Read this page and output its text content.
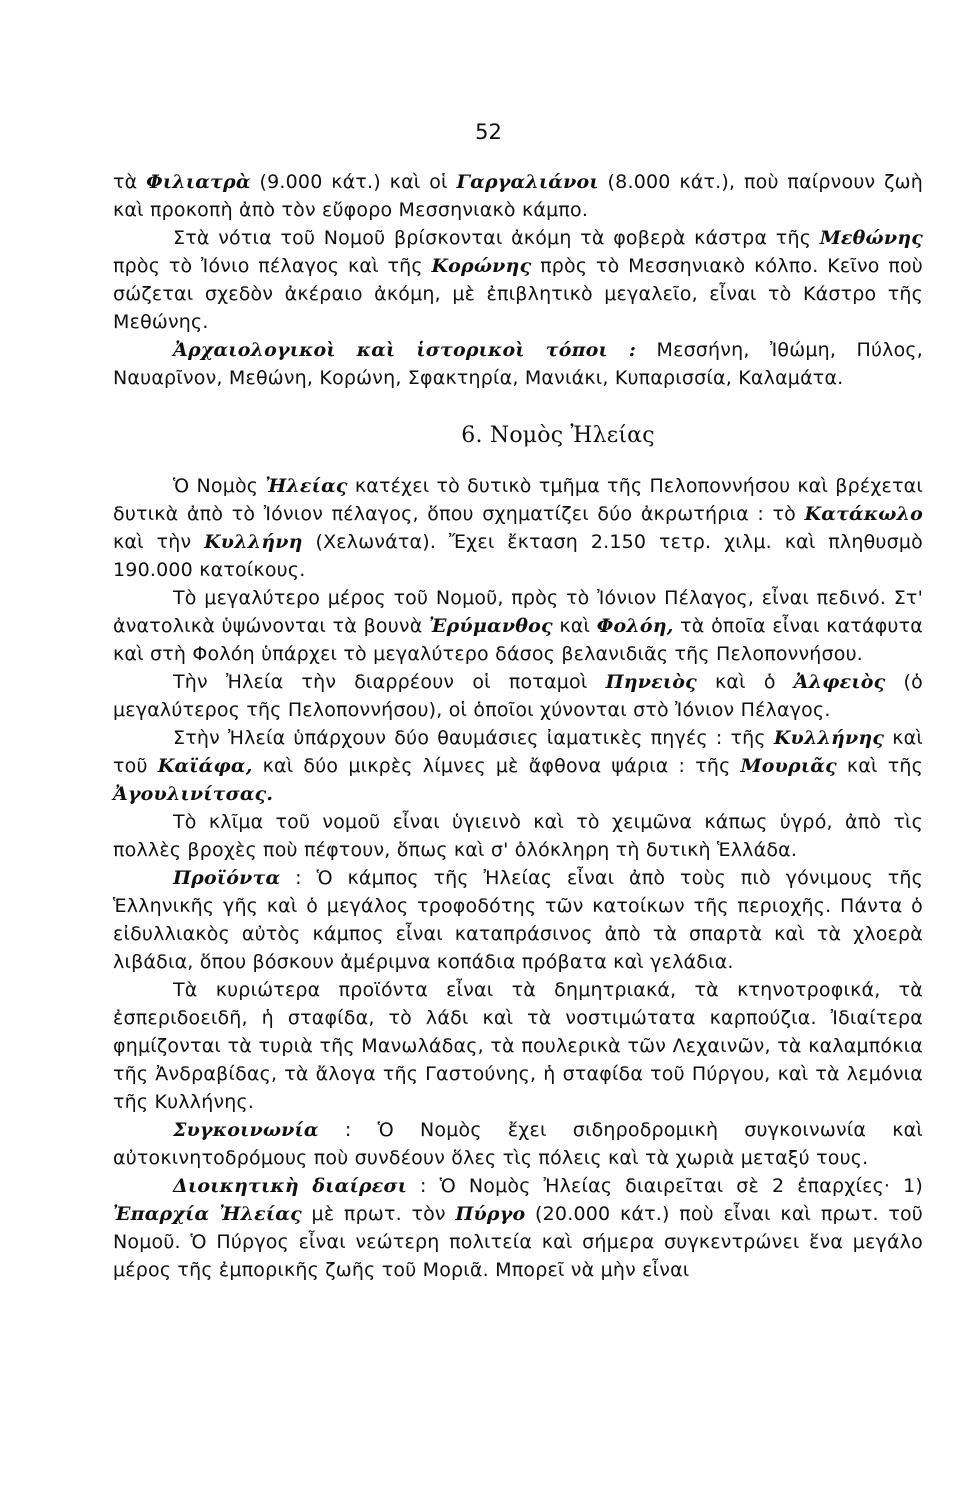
52

τὰ Φιλιατρὰ (9.000 κάτ.) καὶ οἱ Γαργαλιάνοι (8.000 κάτ.), ποὺ παίρνουν ζωὴ καὶ προκοπὴ ἀπὸ τὸν εὔφορο Μεσσηνιακὸ κάμπο.

Στὰ νότια τοῦ Νομοῦ βρίσκονται ἀκόμη τὰ φοβερὰ κάστρα τῆς Μεθώνης πρὸς τὸ Ἰόνιο πέλαγος καὶ τῆς Κορώνης πρὸς τὸ Μεσσηνιακὸ κόλπο. Κεῖνο ποὺ σώζεται σχεδὸν ἀκέραιο ἀκόμη, μὲ ἐπιβλητικὸ μεγαλεῖο, εἶναι τὸ Κάστρο τῆς Μεθώνης.

Ἀρχαιολογικοὶ καὶ ἱστορικοὶ τόποι : Μεσσήνη, Ἰθώμη, Πύλος, Ναυαρῖνον, Μεθώνη, Κορώνη, Σφακτηρία, Μανιάκι, Κυπαρισσία, Καλαμάτα.

6. Νομὸς Ἠλείας

Ὁ Νομὸς Ἠλείας κατέχει τὸ δυτικὸ τμῆμα τῆς Πελοποννήσου καὶ βρέχεται δυτικὰ ἀπὸ τὸ Ἰόνιον πέλαγος, ὅπου σχηματίζει δύο ἀκρωτήρια : τὸ Κατάκωλο καὶ τὴν Κυλλήνη (Χελωνάτα). Ἔχει ἔκταση 2.150 τετρ. χιλμ. καὶ πληθυσμὸ 190.000 κατοίκους.

Τὸ μεγαλύτερο μέρος τοῦ Νομοῦ, πρὸς τὸ Ἰόνιον Πέλαγος, εἶναι πεδινό. Στ' ἀνατολικὰ ὑψώνονται τὰ βουνὰ Ἐρύμανθος καὶ Φολόη, τὰ ὁποῖα εἶναι κατάφυτα καὶ στὴ Φολόη ὑπάρχει τὸ μεγαλύτερο δάσος βελανιδιᾶς τῆς Πελοποννήσου.

Τὴν Ἠλεία τὴν διαρρέουν οἱ ποταμοὶ Πηνειὸς καὶ ὁ Ἀλφειὸς (ὁ μεγαλύτερος τῆς Πελοποννήσου), οἱ ὁποῖοι χύνονται στὸ Ἰόνιον Πέλαγος.

Στὴν Ἠλεία ὑπάρχουν δύο θαυμάσιες ἰαματικὲς πηγές : τῆς Κυλλήνης καὶ τοῦ Καϊάφα, καὶ δύο μικρὲς λίμνες μὲ ἄφθονα ψάρια : τῆς Μουριᾶς καὶ τῆς Ἀγουλινίτσας.

Τὸ κλῖμα τοῦ νομοῦ εἶναι ὑγιεινὸ καὶ τὸ χειμῶνα κάπως ὑγρό, ἀπὸ τὶς πολλὲς βροχὲς ποὺ πέφτουν, ὅπως καὶ σ' ὁλόκληρη τὴ δυτικὴ Ἑλλάδα.

Προϊόντα : Ὁ κάμπος τῆς Ἠλείας εἶναι ἀπὸ τοὺς πιὸ γόνιμους τῆς Ἑλληνικῆς γῆς καὶ ὁ μεγάλος τροφοδότης τῶν κατοίκων τῆς περιοχῆς. Πάντα ὁ εἰδυλλιακὸς αὐτὸς κάμπος εἶναι καταπράσινος ἀπὸ τὰ σπαρτὰ καὶ τὰ χλοερὰ λιβάδια, ὅπου βόσκουν ἀμέριμνα κοπάδια πρόβατα καὶ γελάδια.

Τὰ κυριώτερα προϊόντα εἶναι τὰ δημητριακά, τὰ κτηνοτροφικά, τὰ ἐσπεριδοειδῆ, ἡ σταφίδα, τὸ λάδι καὶ τὰ νοστιμώτατα καρπούζια. Ἰδιαίτερα φημίζονται τὰ τυριὰ τῆς Μανωλάδας, τὰ πουλερικὰ τῶν Λεχαινῶν, τὰ καλαμπόκια τῆς Ἀνδραβίδας, τὰ ἄλογα τῆς Γαστούνης, ἡ σταφίδα τοῦ Πύργου, καὶ τὰ λεμόνια τῆς Κυλλήνης.

Συγκοινωνία : Ὁ Νομὸς ἔχει σιδηροδρομικὴ συγκοινωνία καὶ αὐτοκινητοδρόμους ποὺ συνδέουν ὅλες τὶς πόλεις καὶ τὰ χωριὰ μεταξύ τους.

Διοικητικὴ διαίρεσι : Ὁ Νομὸς Ἠλείας διαιρεῖται σὲ 2 ἐπαρχίες· 1) Ἐπαρχία Ἠλείας μὲ πρωτ. τὸν Πύργο (20.000 κάτ.) ποὺ εἶναι καὶ πρωτ. τοῦ Νομοῦ. Ὁ Πύργος εἶναι νεώτερη πολιτεία καὶ σήμερα συγκεντρώνει ἕνα μεγάλο μέρος τῆς ἐμπορικῆς ζωῆς τοῦ Μοριᾶ. Μπορεῖ νὰ μὴν εἶναι
